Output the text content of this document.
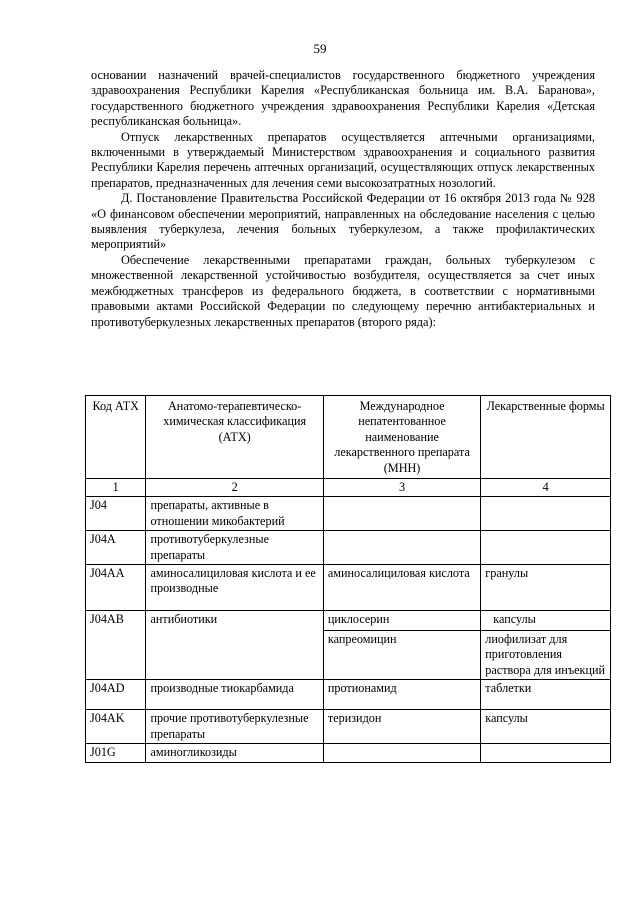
59

основании назначений врачей-специалистов государственного бюджетного учреждения здравоохранения Республики Карелия «Республиканская больница им. В.А. Баранова», государственного бюджетного учреждения здравоохранения Республики Карелия «Детская республиканская больница».

Отпуск лекарственных препаратов осуществляется аптечными организациями, включенными в утверждаемый Министерством здравоохранения и социального развития Республики Карелия перечень аптечных организаций, осуществляющих отпуск лекарственных препаратов, предназначенных для лечения семи высокозатратных нозологий.

Д. Постановление Правительства Российской Федерации от 16 октября 2013 года № 928 «О финансовом обеспечении мероприятий, направленных на обследование населения с целью выявления туберкулеза, лечения больных туберкулезом, а также профилактических мероприятий»

Обеспечение лекарственными препаратами граждан, больных туберкулезом с множественной лекарственной устойчивостью возбудителя, осуществляется за счет иных межбюджетных трансферов из федерального бюджета, в соответствии с нормативными правовыми актами Российской Федерации по следующему перечню антибактериальных и противотуберкулезных лекарственных препаратов (второго ряда):

Код АТХ	Анатомо-терапевтическо-химическая классификация (АТХ)	Международное непатентованное наименование лекарственного препарата (МНН)	Лекарственные формы
1	2	3	4
J04	препараты, активные в отношении микобактерий		
J04A	противотуберкулезные препараты		
J04AA	аминосалициловая кислота и ее производные	аминосалициловая кислота	гранулы
J04AB	антибиотики	циклосерин	капсулы
		капреомицин	лиофилизат для приготовления раствора для инъекций
J04AD	производные тиокарбамида	протионамид	таблетки
J04AK	прочие противотуберкулезные препараты	теризидон	капсулы
J01G	аминогликозиды		
